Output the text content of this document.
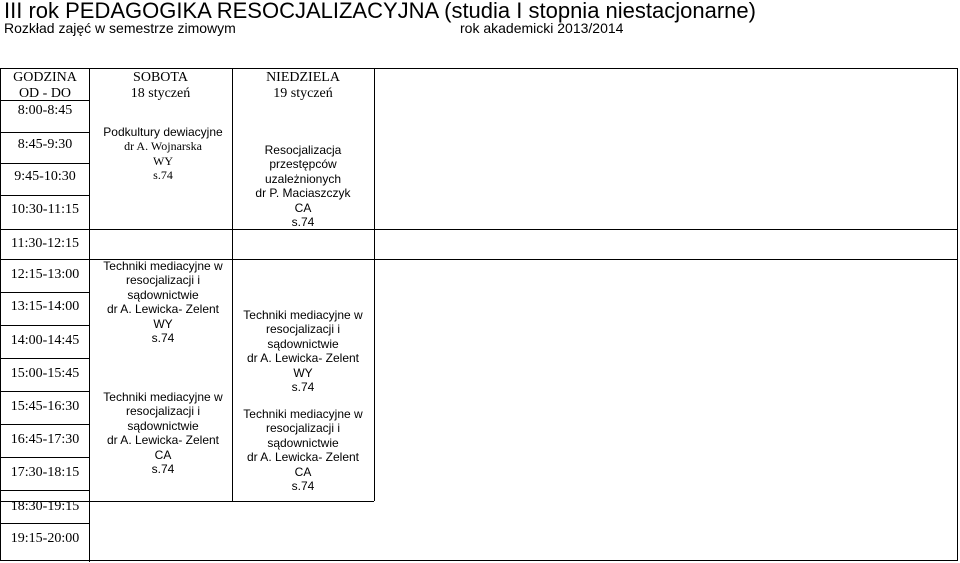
III rok PEDAGOGIKA RESOCJALIZACYJNA (studia I stopnia niestacjonarne)
Rozkład zajęć w semestrze zimowym	rok akademicki 2013/2014
GODZINA
OD - DO
SOBOTA
18 styczeń
NIEDZIELA
19 styczeń
8:00-8:45
8:45-9:30
9:45-10:30
10:30-11:15
11:30-12:15
12:15-13:00
13:15-14:00
14:00-14:45
15:00-15:45
15:45-16:30
16:45-17:30
17:30-18:15
18:30-19:15
19:15-20:00
Podkultury dewiacyjne
dr A. Wojnarska
WY
s.74
Techniki mediacyjne w
resocjalizacji i
sądownictwie
dr A. Lewicka- Zelent
WY
s.74
Techniki mediacyjne w
resocjalizacji i
sądownictwie
dr A. Lewicka- Zelent
CA
s.74
Resocjalizacja
przestępców
uzależnionych
dr P. Maciaszczyk
CA
s.74
Techniki mediacyjne w
resocjalizacji i
sądownictwie
dr A. Lewicka- Zelent
WY
s.74
Techniki mediacyjne w
resocjalizacji i
sądownictwie
dr A. Lewicka- Zelent
CA
s.74
